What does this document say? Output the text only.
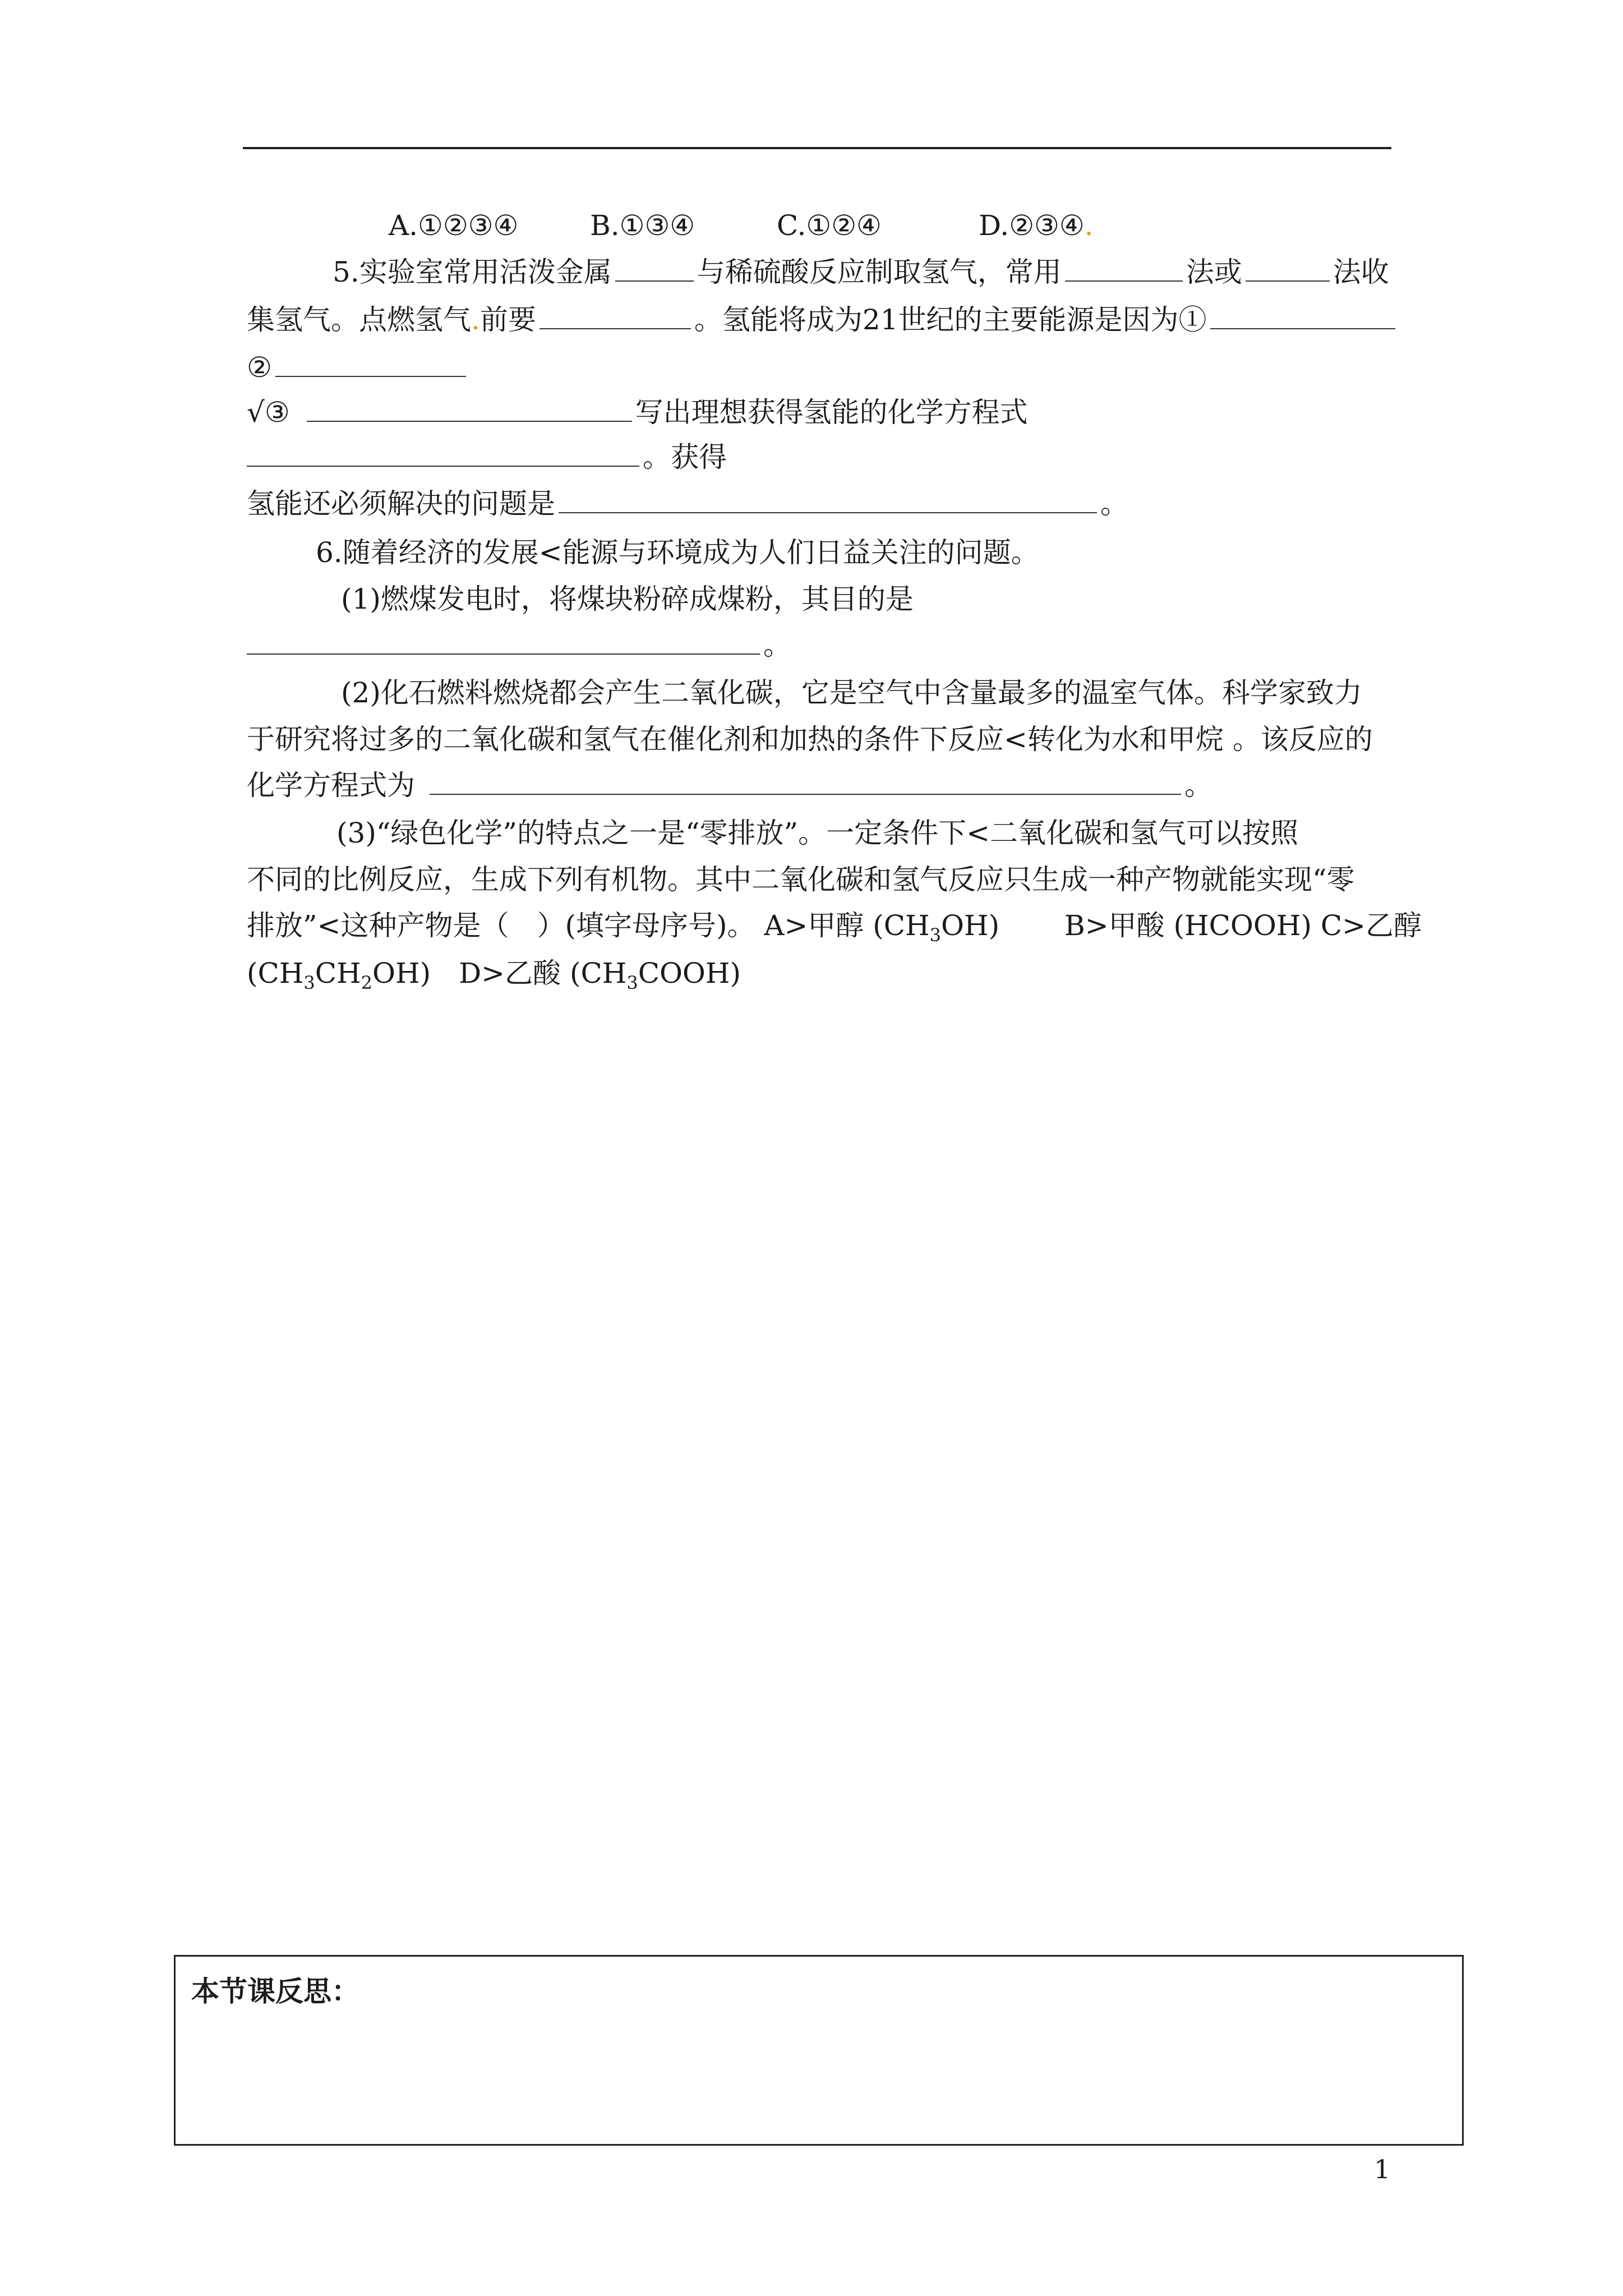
A.①②③④	B.①③④	C.①②④	D.②③④.
5.实验室常用活泼金属	与稀硫酸反应制取氢气，常用	法或	法收
集氢气。点燃氢气.前要	。氢能将成为21世纪的主要能源是因为①
②
√③	写出理想获得氢能的化学方程式
。获得
氢能还必须解决的问题是	。
6.随着经济的发展<能源与环境成为人们日益关注的问题。
(1)燃煤发电时，将煤块粉碎成煤粉，其目的是
。
(2)化石燃料燃烧都会产生二氧化碳，它是空气中含量最多的温室气体。科学家致力
于研究将过多的二氧化碳和氢气在催化剂和加热的条件下反应<转化为水和甲烷 。该反应的
化学方程式为	。
(3)“绿色化学”的特点之一是“零排放”。一定条件下<二氧化碳和氢气可以按照
不同的比例反应，生成下列有机物。其中二氧化碳和氢气反应只生成一种产物就能实现“零
排放”<这种产物是（　）(填字母序号)。 A>甲醇 $(CH_3OH)$　　 B>甲酸 (HCOOH) C>乙醇
$(CH_3CH_2OH)$　D>乙酸 $(CH_3COOH)$
本节课反思：
1
